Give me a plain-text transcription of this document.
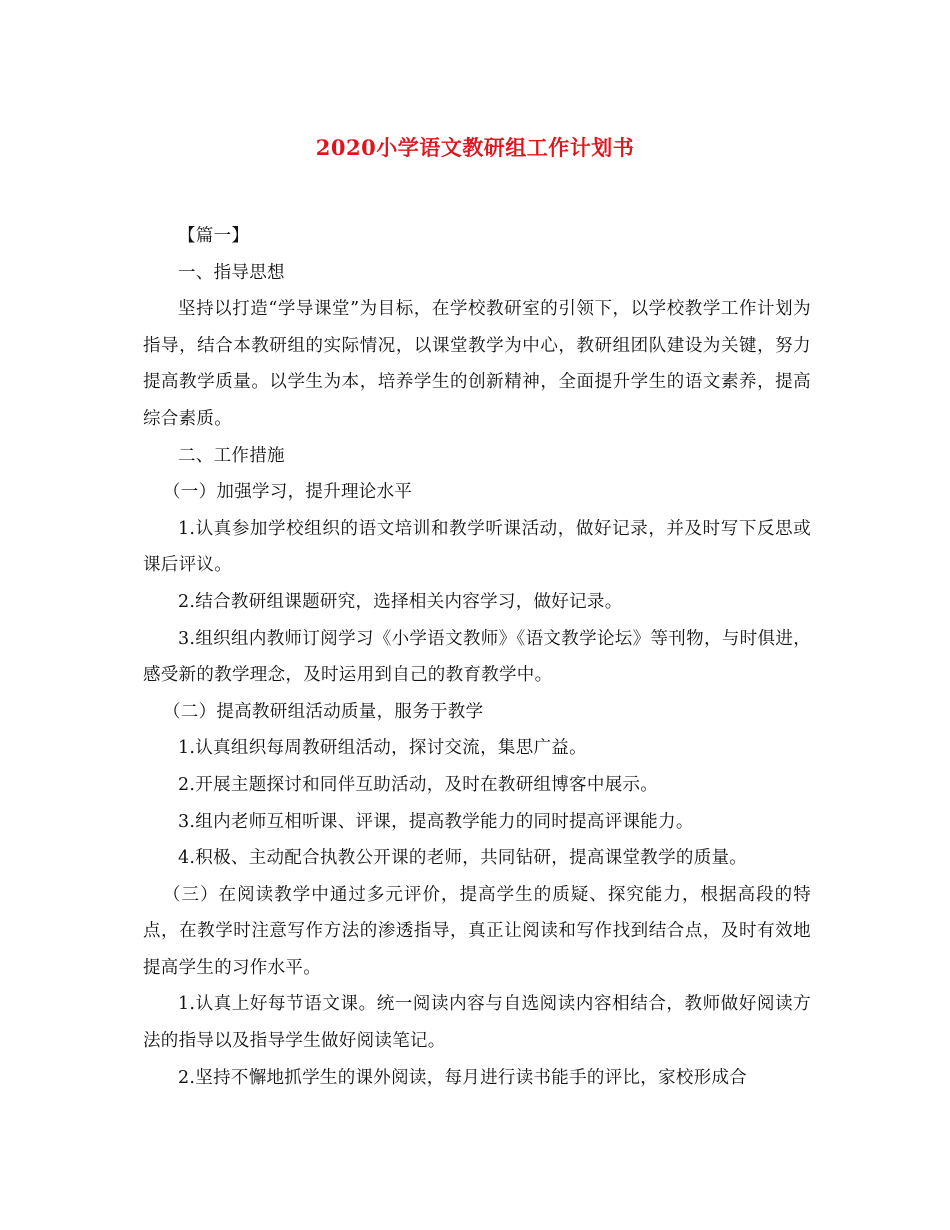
2020小学语文教研组工作计划书

【篇一】

一、指导思想

坚持以打造“学导课堂”为目标，在学校教研室的引领下，以学校教学工作计划为指导，结合本教研组的实际情况，以课堂教学为中心，教研组团队建设为关键，努力提高教学质量。以学生为本，培养学生的创新精神，全面提升学生的语文素养，提高综合素质。

二、工作措施

（一）加强学习，提升理论水平

1.认真参加学校组织的语文培训和教学听课活动，做好记录，并及时写下反思或课后评议。

2.结合教研组课题研究，选择相关内容学习，做好记录。

3.组织组内教师订阅学习《小学语文教师》《语文教学论坛》等刊物，与时俱进，感受新的教学理念，及时运用到自己的教育教学中。

（二）提高教研组活动质量，服务于教学

1.认真组织每周教研组活动，探讨交流，集思广益。

2.开展主题探讨和同伴互助活动，及时在教研组博客中展示。

3.组内老师互相听课、评课，提高教学能力的同时提高评课能力。

4.积极、主动配合执教公开课的老师，共同钻研，提高课堂教学的质量。

（三）在阅读教学中通过多元评价，提高学生的质疑、探究能力，根据高段的特点，在教学时注意写作方法的渗透指导，真正让阅读和写作找到结合点，及时有效地提高学生的习作水平。

1.认真上好每节语文课。统一阅读内容与自选阅读内容相结合，教师做好阅读方法的指导以及指导学生做好阅读笔记。

2.坚持不懈地抓学生的课外阅读，每月进行读书能手的评比，家校形成合
